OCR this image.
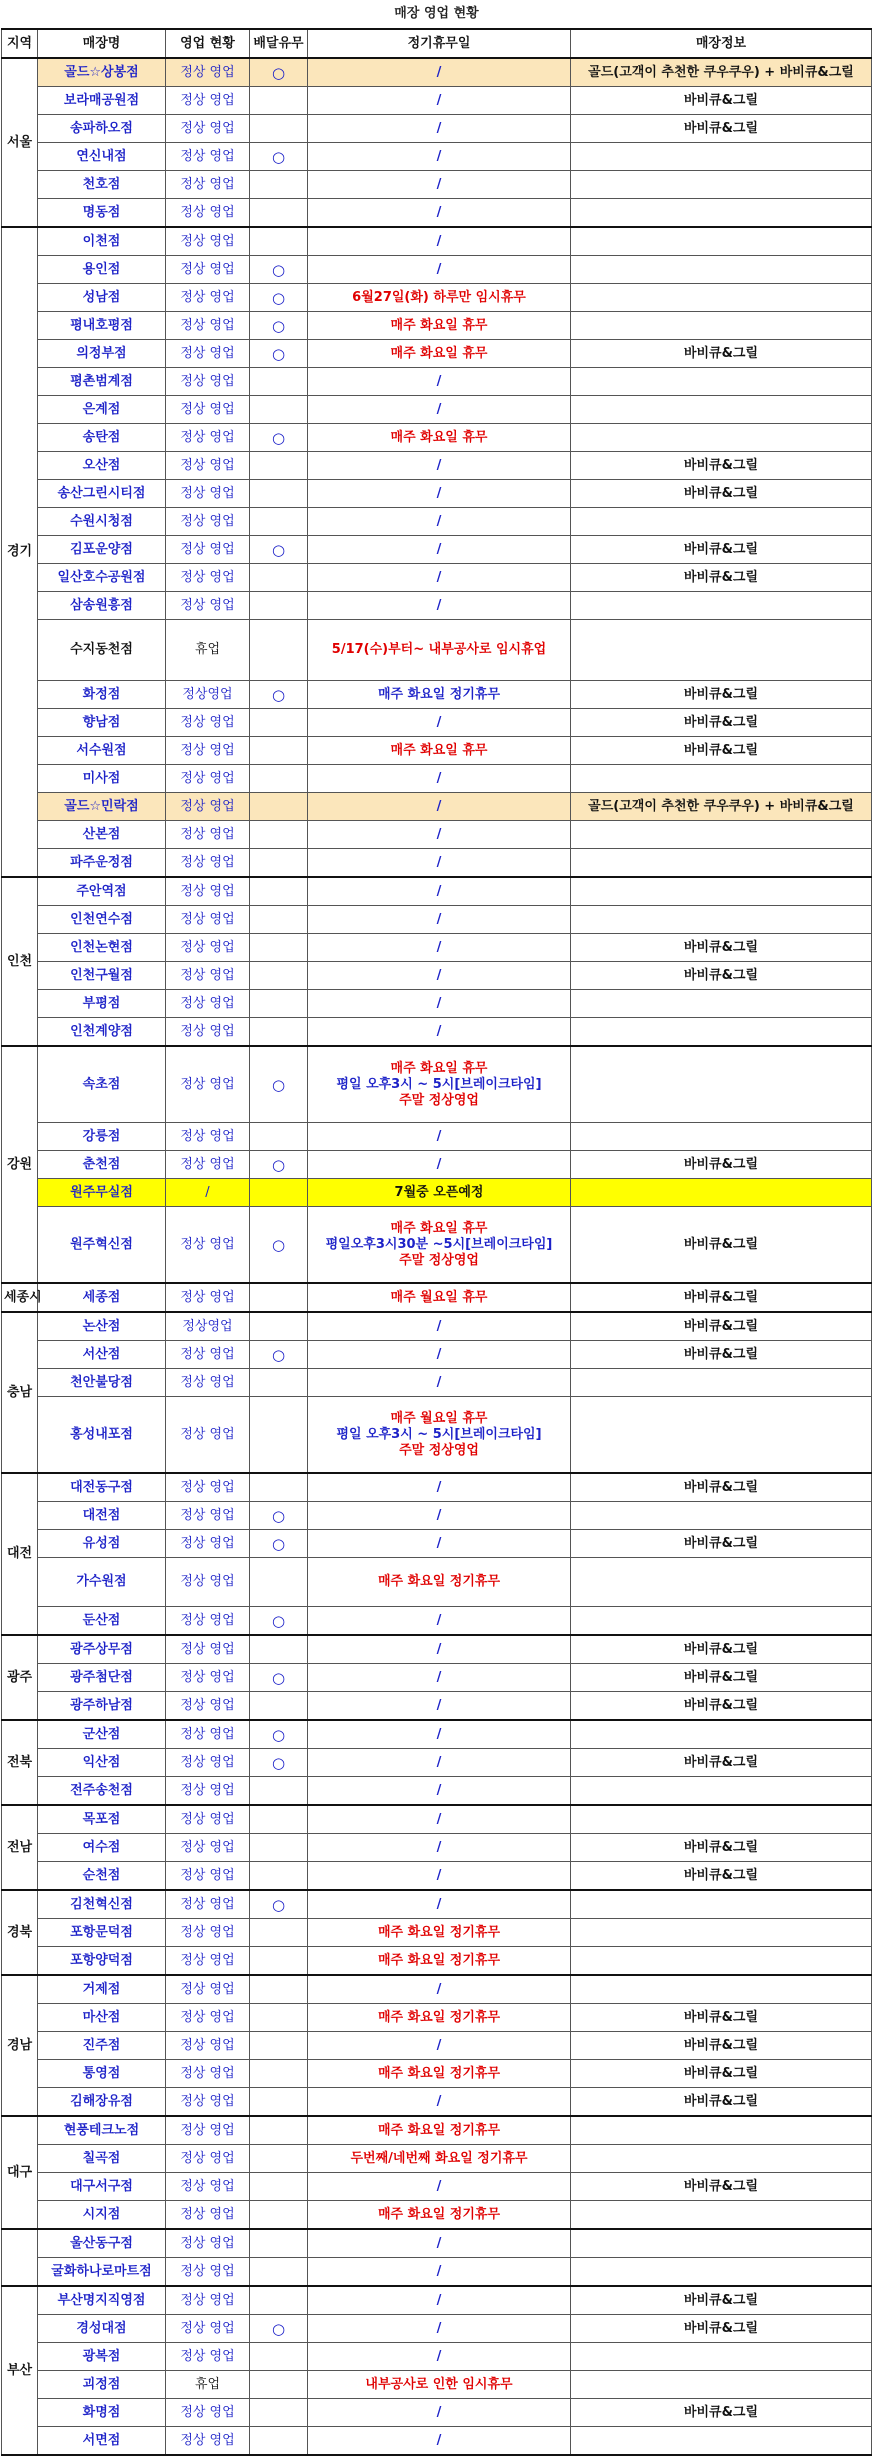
매장 영업 현황
지역	매장명	영업 현황	배달유무	정기휴무일	매장정보
서울	골드☆상봉점	정상 영업	○	/	골드(고객이 추천한 쿠우쿠우) + 바비큐&그릴
	보라매공원점	정상 영업		/	바비큐&그릴
	송파하오점	정상 영업		/	바비큐&그릴
	연신내점	정상 영업	○	/	
	천호점	정상 영업		/	
	명동점	정상 영업		/	
경기	이천점	정상 영업		/	
	용인점	정상 영업	○	/	
	성남점	정상 영업	○	6월27일(화) 하루만 임시휴무	
	평내호평점	정상 영업	○	매주 화요일 휴무	
	의정부점	정상 영업	○	매주 화요일 휴무	바비큐&그릴
	평촌범계점	정상 영업		/	
	은계점	정상 영업		/	
	송탄점	정상 영업	○	매주 화요일 휴무	
	오산점	정상 영업		/	바비큐&그릴
	송산그린시티점	정상 영업		/	바비큐&그릴
	수원시청점	정상 영업		/	
	김포운양점	정상 영업	○	/	바비큐&그릴
	일산호수공원점	정상 영업		/	바비큐&그릴
	삼송원흥점	정상 영업		/	
	수지동천점	휴업		5/17(수)부터~ 내부공사로 임시휴업	
	화정점	정상영업	○	매주 화요일 정기휴무	바비큐&그릴
	향남점	정상 영업		/	바비큐&그릴
	서수원점	정상 영업		매주 화요일 휴무	바비큐&그릴
	미사점	정상 영업		/	
	골드☆민락점	정상 영업		/	골드(고객이 추천한 쿠우쿠우) + 바비큐&그릴
	산본점	정상 영업		/	
	파주운정점	정상 영업		/	
인천	주안역점	정상 영업		/	
	인천연수점	정상 영업		/	
	인천논현점	정상 영업		/	바비큐&그릴
	인천구월점	정상 영업		/	바비큐&그릴
	부평점	정상 영업		/	
	인천계양점	정상 영업		/	
강원	속초점	정상 영업	○	매주 화요일 휴무
평일 오후3시 ~ 5시[브레이크타임]
주말 정상영업	

	강릉점	정상 영업		/	
	춘천점	정상 영업	○	/	바비큐&그릴
	원주무실점	/		7월중 오픈예정	
	원주혁신점	정상 영업	○	매주 화요일 휴무
평일오후3시30분 ~5시[브레이크타임]
주말 정상영업	바비큐&그릴
세종시	세종점	정상 영업		매주 월요일 휴무	바비큐&그릴
충남	논산점	정상영업		/	바비큐&그릴
	서산점	정상 영업	○	/	바비큐&그릴
	천안불당점	정상 영업		/	
	홍성내포점	정상 영업		매주 월요일 휴무
평일 오후3시 ~ 5시[브레이크타임]
주말 정상영업	

대전	대전동구점	정상 영업		/	바비큐&그릴
	대전점	정상 영업	○	/	
	유성점	정상 영업	○	/	바비큐&그릴
	가수원점	정상 영업		매주 화요일 정기휴무	
	둔산점	정상 영업	○	/	
광주	광주상무점	정상 영업		/	바비큐&그릴
	광주첨단점	정상 영업	○	/	바비큐&그릴
	광주하남점	정상 영업		/	바비큐&그릴
전북	군산점	정상 영업	○	/	
	익산점	정상 영업	○	/	바비큐&그릴
	전주송천점	정상 영업		/	
전남	목포점	정상 영업		/	
	여수점	정상 영업		/	바비큐&그릴
	순천점	정상 영업		/	바비큐&그릴
경북	김천혁신점	정상 영업	○	/	
	포항문덕점	정상 영업		매주 화요일 정기휴무	
	포항양덕점	정상 영업		매주 화요일 정기휴무	
경남	거제점	정상 영업		/	
	마산점	정상 영업		매주 화요일 정기휴무	바비큐&그릴
	진주점	정상 영업		/	바비큐&그릴
	통영점	정상 영업		매주 화요일 정기휴무	바비큐&그릴
	김해장유점	정상 영업		/	바비큐&그릴
대구	현풍테크노점	정상 영업		매주 화요일 정기휴무	
	칠곡점	정상 영업		두번째/네번째 화요일 정기휴무	
	대구서구점	정상 영업		/	바비큐&그릴
	시지점	정상 영업		매주 화요일 정기휴무	
	울산동구점	정상 영업		/	
	굴화하나로마트점	정상 영업		/	
부산	부산명지직영점	정상 영업		/	바비큐&그릴
	경성대점	정상 영업	○	/	바비큐&그릴
	광복점	정상 영업		/	
	괴정점	휴업		내부공사로 인한 임시휴무	
	화명점	정상 영업		/	바비큐&그릴
	서면점	정상 영업		/	
